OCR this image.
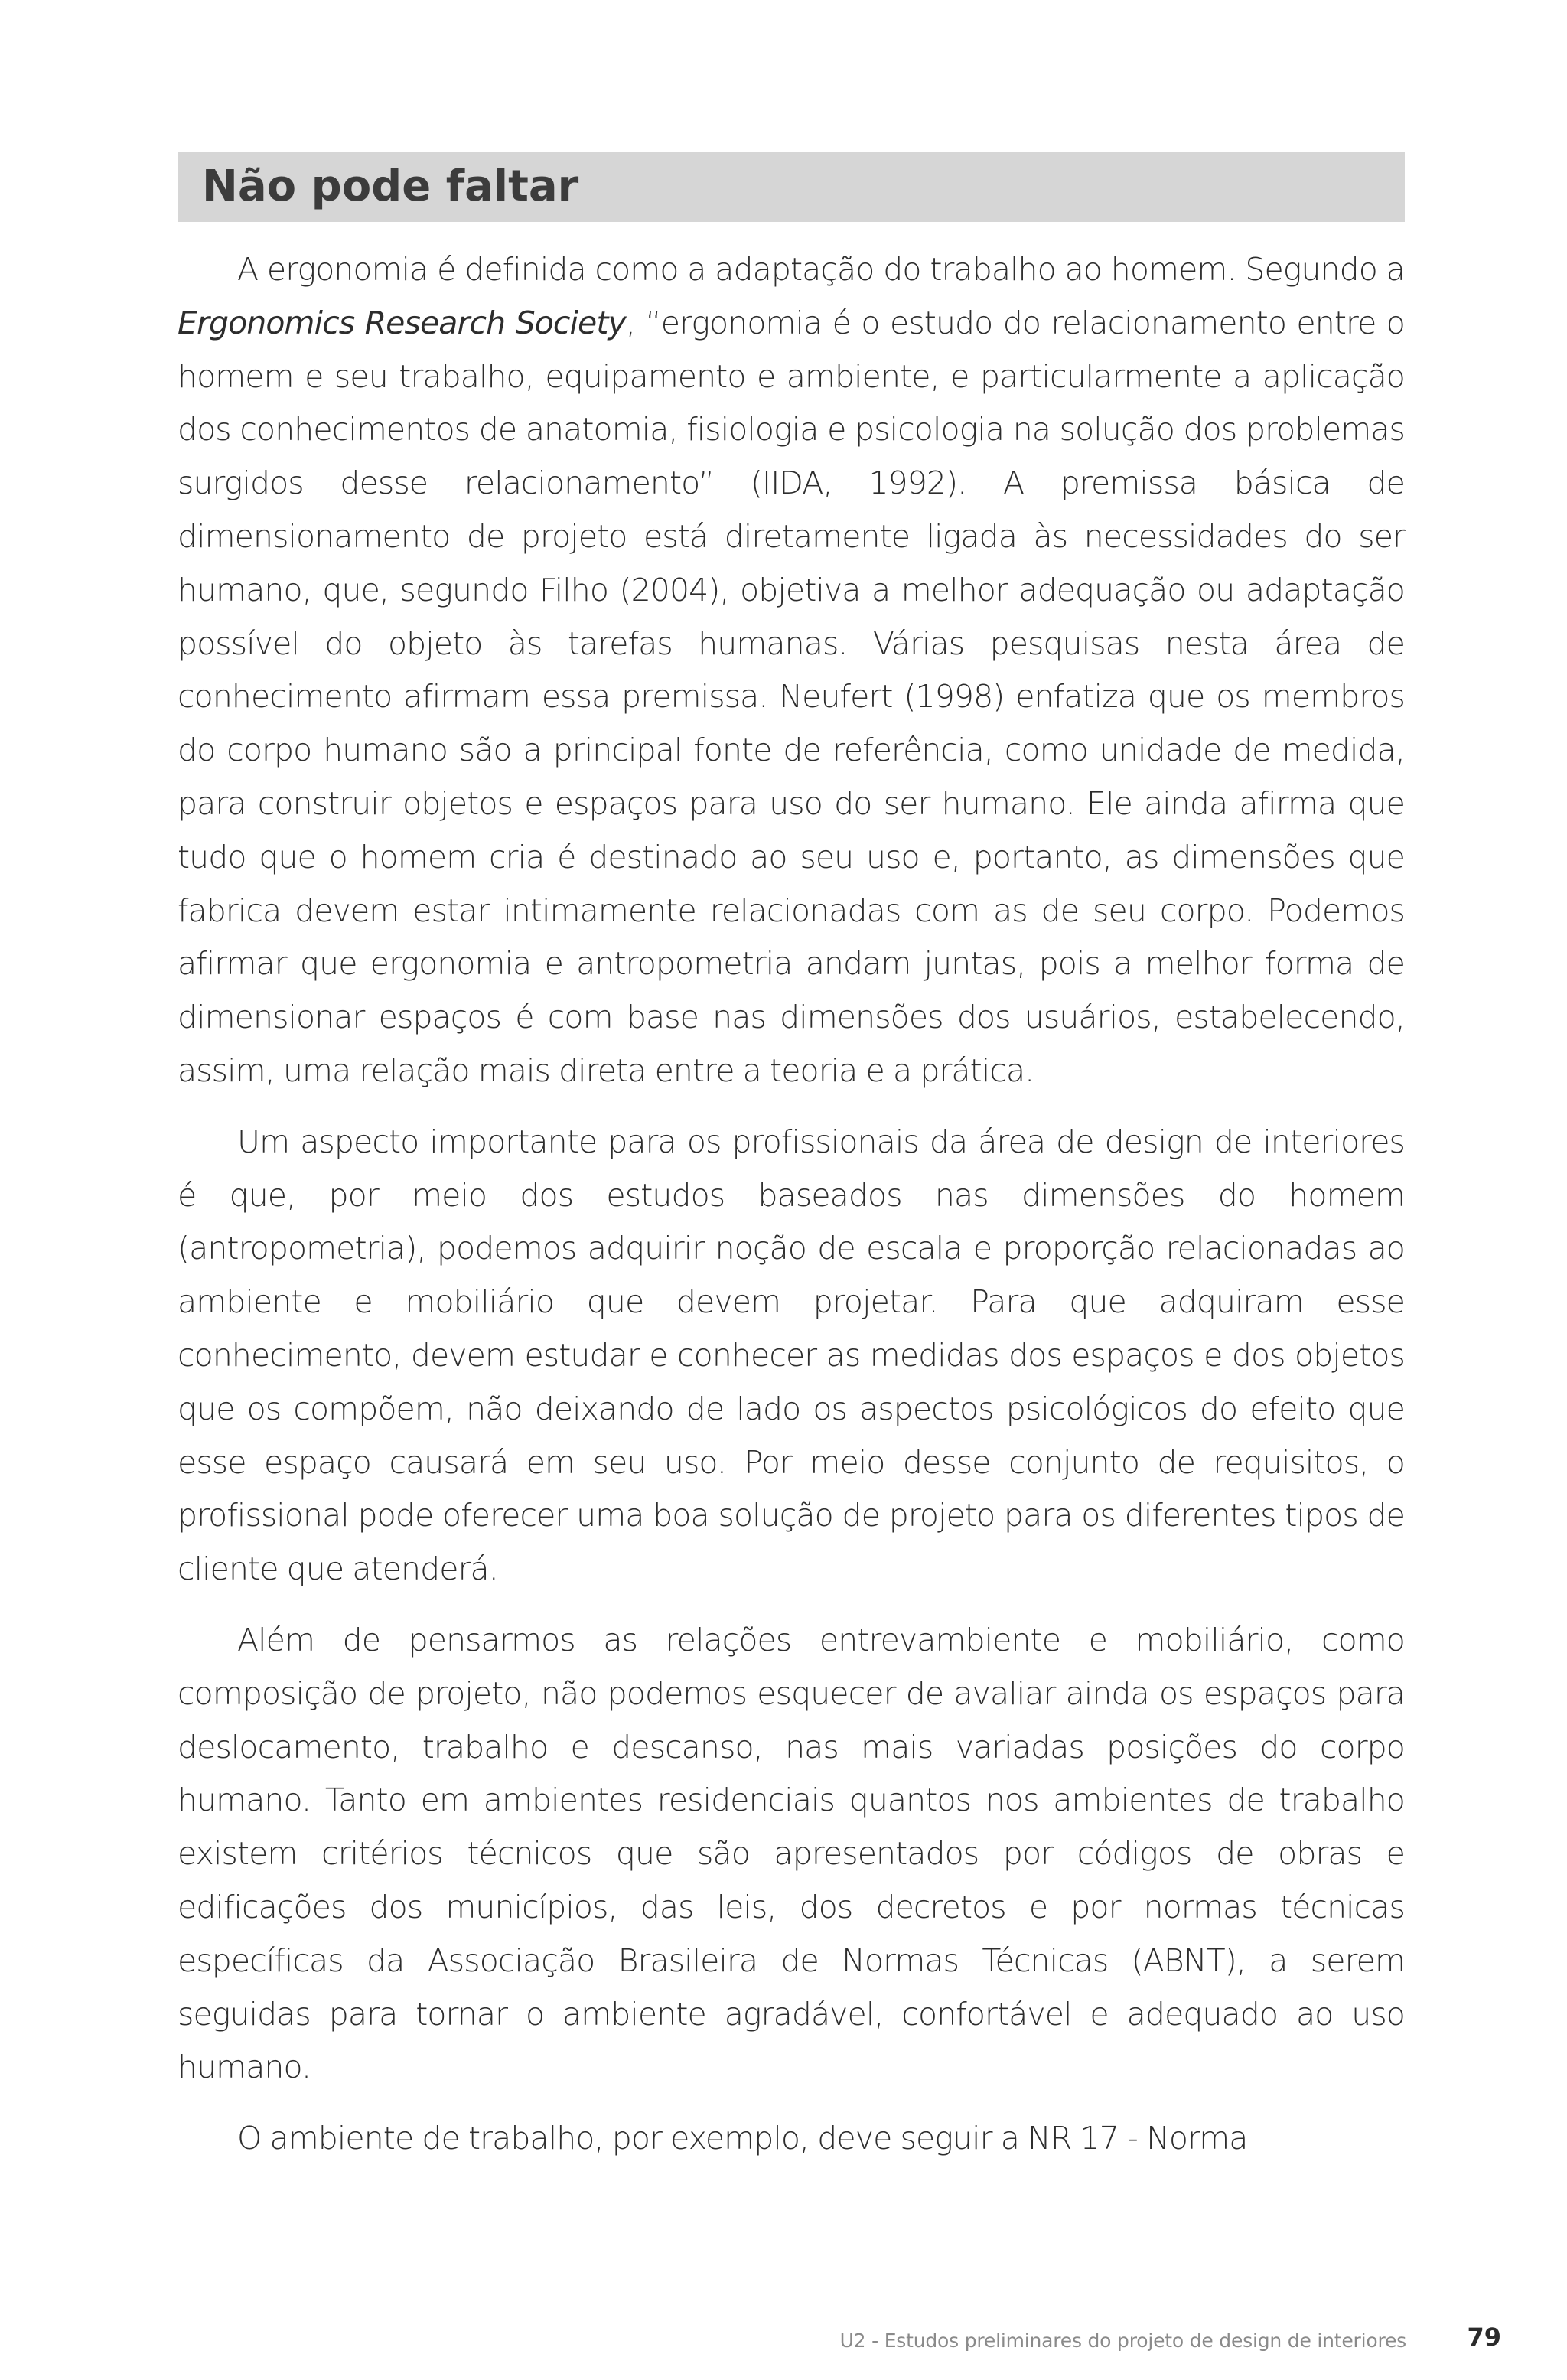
Não pode faltar

A ergonomia é definida como a adaptação do trabalho ao homem. Segundo a Ergonomics Research Society, “ergonomia é o estudo do relacionamento entre o homem e seu trabalho, equipamento e ambiente, e particularmente a aplicação dos conhecimentos de anatomia, fisiologia e psicologia na solução dos problemas surgidos desse relacionamento” (IIDA, 1992). A premissa básica de dimensionamento de projeto está diretamente ligada às necessidades do ser humano, que, segundo Filho (2004), objetiva a melhor adequação ou adaptação possível do objeto às tarefas humanas. Várias pesquisas nesta área de conhecimento afirmam essa premissa. Neufert (1998) enfatiza que os membros do corpo humano são a principal fonte de referência, como unidade de medida, para construir objetos e espaços para uso do ser humano. Ele ainda afirma que tudo que o homem cria é destinado ao seu uso e, portanto, as dimensões que fabrica devem estar intimamente relacionadas com as de seu corpo. Podemos afirmar que ergonomia e antropometria andam juntas, pois a melhor forma de dimensionar espaços é com base nas dimensões dos usuários, estabelecendo, assim, uma relação mais direta entre a teoria e a prática.

Um aspecto importante para os profissionais da área de design de interiores é que, por meio dos estudos baseados nas dimensões do homem (antropometria), podemos adquirir noção de escala e proporção relacionadas ao ambiente e mobiliário que devem projetar. Para que adquiram esse conhecimento, devem estudar e conhecer as medidas dos espaços e dos objetos que os compõem, não deixando de lado os aspectos psicológicos do efeito que esse espaço causará em seu uso. Por meio desse conjunto de requisitos, o profissional pode oferecer uma boa solução de projeto para os diferentes tipos de cliente que atenderá.

Além de pensarmos as relações entrevambiente e mobiliário, como composição de projeto, não podemos esquecer de avaliar ainda os espaços para deslocamento, trabalho e descanso, nas mais variadas posições do corpo humano. Tanto em ambientes residenciais quantos nos ambientes de trabalho existem critérios técnicos que são apresentados por códigos de obras e edificações dos municípios, das leis, dos decretos e por normas técnicas específicas da Associação Brasileira de Normas Técnicas (ABNT), a serem seguidas para tornar o ambiente agradável, confortável e adequado ao uso humano.

O ambiente de trabalho, por exemplo, deve seguir a NR 17 - Norma

U2 - Estudos preliminares do projeto de design de interiores 79
